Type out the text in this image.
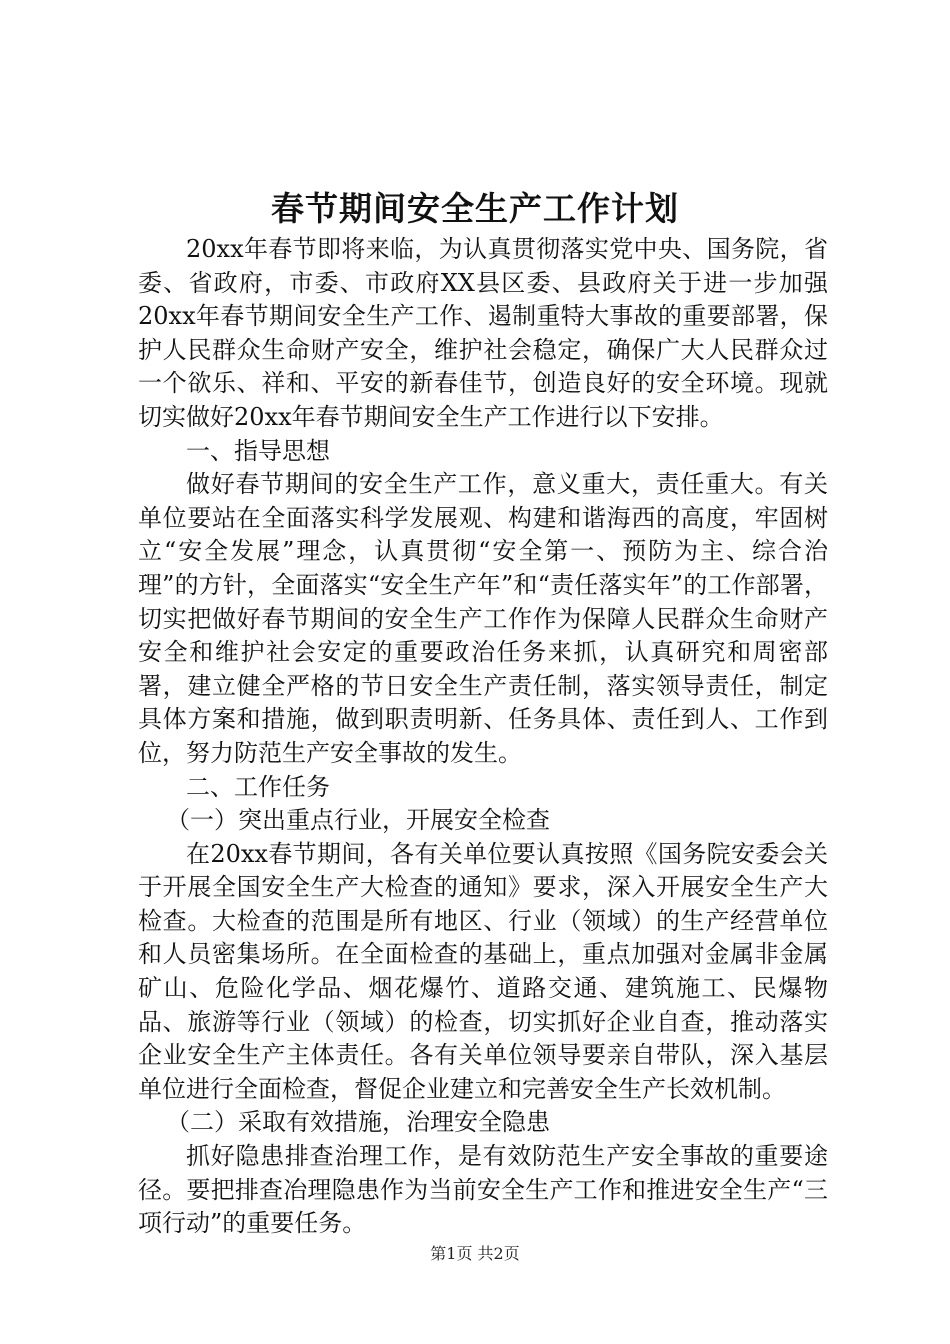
春节期间安全生产工作计划

20xx年春节即将来临，为认真贯彻落实党中央、国务院，省委、省政府，市委、市政府XX县区委、县政府关于进一步加强20xx年春节期间安全生产工作、遏制重特大事故的重要部署，保护人民群众生命财产安全，维护社会稳定，确保广大人民群众过一个欲乐、祥和、平安的新春佳节，创造良好的安全环境。现就切实做好20xx年春节期间安全生产工作进行以下安排。

一、指导思想

做好春节期间的安全生产工作，意义重大，责任重大。有关单位要站在全面落实科学发展观、构建和谐海西的高度，牢固树立“安全发展”理念，认真贯彻“安全第一、预防为主、综合治理”的方针，全面落实“安全生产年”和“责任落实年”的工作部署，切实把做好春节期间的安全生产工作作为保障人民群众生命财产安全和维护社会安定的重要政治任务来抓，认真研究和周密部署，建立健全严格的节日安全生产责任制，落实领导责任，制定具体方案和措施，做到职责明新、任务具体、责任到人、工作到位，努力防范生产安全事故的发生。

二、工作任务

（一）突出重点行业，开展安全检查

在20xx春节期间，各有关单位要认真按照《国务院安委会关于开展全国安全生产大检查的通知》要求，深入开展安全生产大检查。大检查的范围是所有地区、行业（领域）的生产经营单位和人员密集场所。在全面检查的基础上，重点加强对金属非金属矿山、危险化学品、烟花爆竹、道路交通、建筑施工、民爆物品、旅游等行业（领域）的检查，切实抓好企业自查，推动落实企业安全生产主体责任。各有关单位领导要亲自带队，深入基层单位进行全面检查，督促企业建立和完善安全生产长效机制。

（二）采取有效措施，治理安全隐患

抓好隐患排查治理工作，是有效防范生产安全事故的重要途径。要把排查冶理隐患作为当前安全生产工作和推进安全生产“三项行动”的重要任务。

第1页 共2页
